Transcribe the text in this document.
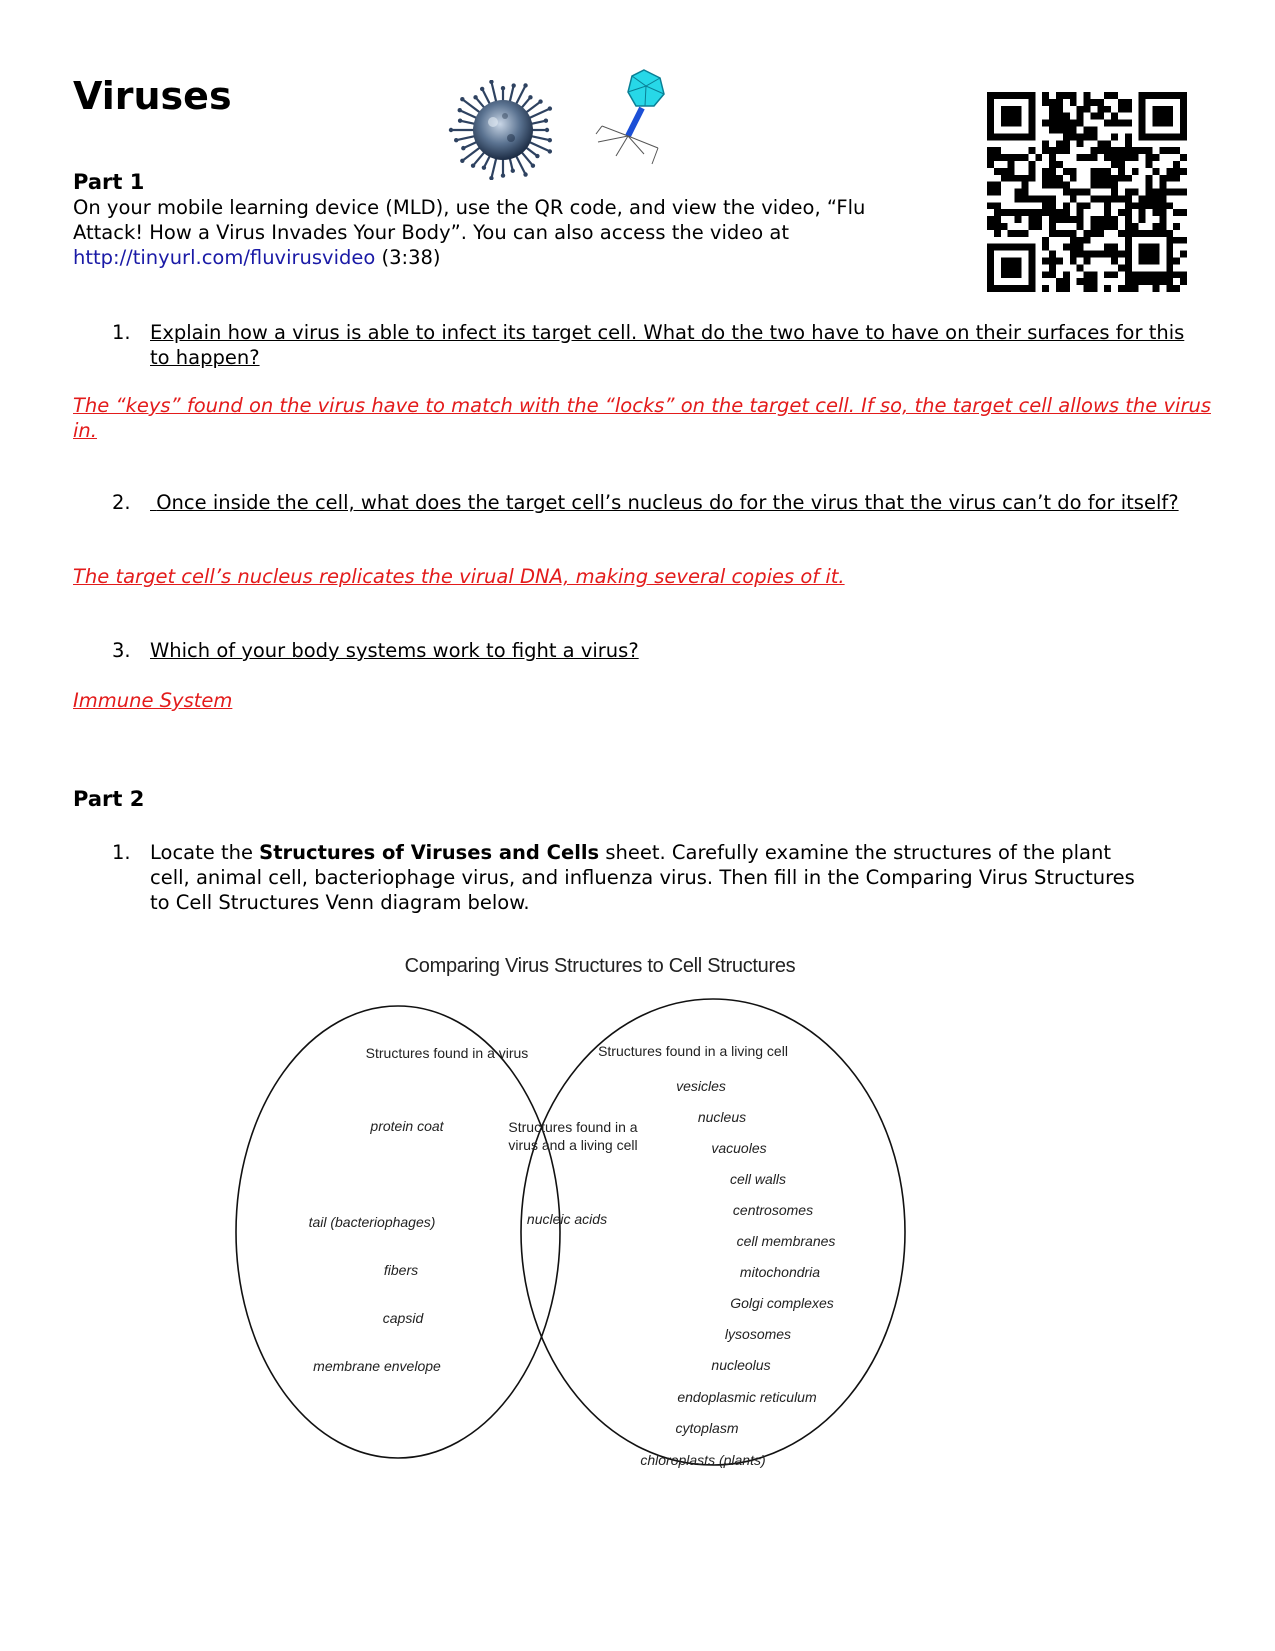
Viruses
Part 1
On your mobile learning device (MLD), use the QR code, and view the video, “Flu
Attack! How a Virus Invades Your Body”. You can also access the video at
http://tinyurl.com/fluvirusvideo (3:38)
1. Explain how a virus is able to infect its target cell. What do the two have to have on their surfaces for this to happen?
The “keys” found on the virus have to match with the “locks” on the target cell. If so, the target cell allows the virus in.
2. Once inside the cell, what does the target cell’s nucleus do for the virus that the virus can’t do for itself?
The target cell’s nucleus replicates the virual DNA, making several copies of it.
3. Which of your body systems work to fight a virus?
Immune System
Part 2
1. Locate the Structures of Viruses and Cells sheet. Carefully examine the structures of the plant cell, animal cell, bacteriophage virus, and influenza virus. Then fill in the Comparing Virus Structures to Cell Structures Venn diagram below.
Comparing Virus Structures to Cell Structures
Structures found in a virus	Structures found in a living cell
Structures found in a
virus and a living cell
protein coat
tail (bacteriophages)
fibers
capsid
membrane envelope
nucleic acids
vesicles
nucleus
vacuoles
cell walls
centrosomes
cell membranes
mitochondria
Golgi complexes
lysosomes
nucleolus
endoplasmic reticulum
cytoplasm
chloroplasts (plants)
